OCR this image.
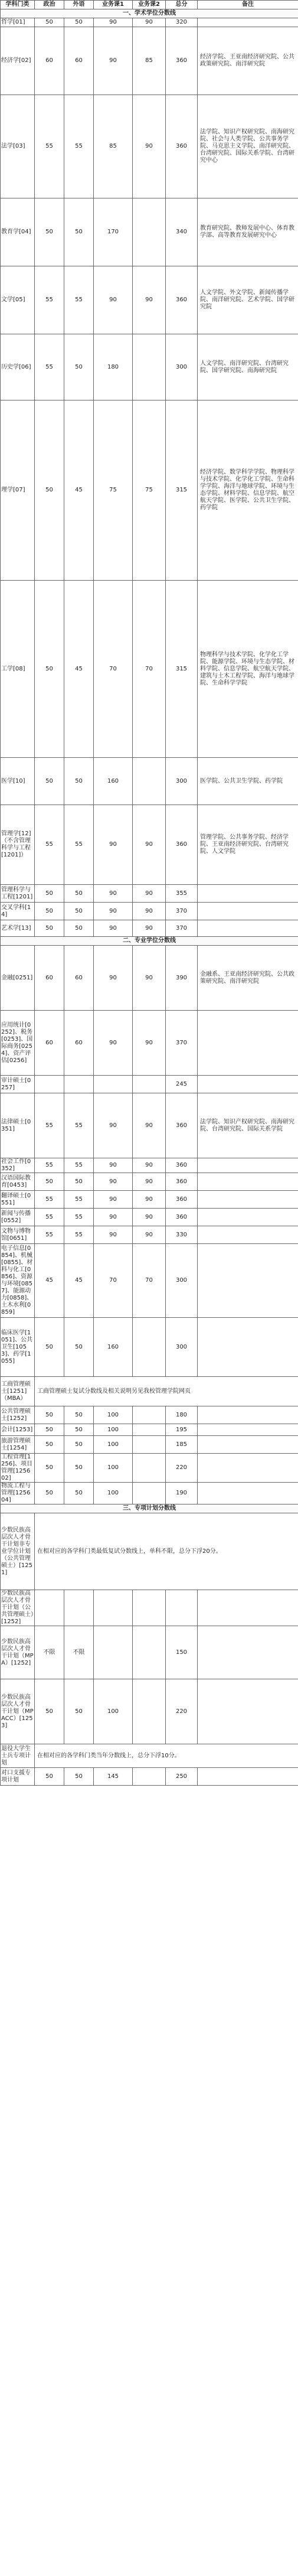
学科门类	政治	外语	业务课1	业务课2	总分	备注
一、学术学位分数线						
哲学[01]	50	50	90	90	320	
经济学[02]	60	60	90	85	360	经济学院、王亚南经济研究院、公共政策研究院、南洋研究院
法学[03]	55	55	85	90	360	法学院、知识产权研究院、南海研究院、社会与人类学院、公共事务学院、马克思主义学院、南洋研究院、台湾研究院、国际关系学院、台湾研究中心
教育学[04]	50	50	170		340	教育研究院、教师发展中心、体育教学部、高等教育发展研究中心
文学[05]	55	55	90	90	360	人文学院、外文学院、新闻传播学院、南洋研究院、艺术学院、国学研究院
历史学[06]	55	50	180		300	人文学院、南洋研究院、台湾研究院、国学研究院、南海研究院
理学[07]	50	45	75	75	315	经济学院、数学科学学院、物理科学与技术学院、化学化工学院、生命科学学院、海洋与地球学院、环境与生态学院、材料学院、信息学院、航空航天学院、医学院、公共卫生学院、药学院
工学[08]	50	45	70	70	315	物理科学与技术学院、化学化工学院、能源学院、环境与生态学院、材料学院、信息学院、航空航天学院、建筑与土木工程学院、海洋与地球学院、生命科学学院
医学[10]	50	50	160		300	医学院、公共卫生学院、药学院
管理学[12]（不含管理科学与工程[1201]）	55	55	90	90	360	管理学院、公共事务学院、经济学院、王亚南经济研究院、台湾研究院、人文学院
管理科学与工程[1201]	50	50	90	90	355	
交叉学科[14]	50	50	90	90	370	
艺术学[13]	50	50	90	90	370	
二、专业学位分数线						
金融[0251]	60	60	90	90	390	金融系、王亚南经济研究院、公共政策研究院、南洋研究院
应用统计[0252]、税务[0253]、国际商务[0254]、资产评估[0256]	60	60	90	90	370	
审计硕士[0257]					245	
法律硕士[0351]	55	55	90	90	360	法学院、知识产权研究院、南海研究院、台湾研究院、国际关系学院
社会工作[0352]	55	55	90	90	360	
汉语国际教育[0453]	50	50	90	90	360	
翻译硕士[0551]	55	55	90	90	360	
新闻与传播[0552]	55	55	90	90	360	
文物与博物馆[0651]	55	55	90	90	330	
电子信息[0854]、机械[0855]、材料与化工[0856]、资源与环境[0857]、能源动力[0858]、土木水利[0859]	45	45	70	70	300	
临床医学[1051]、公共卫生[1053]、药学[1055]	50	50	160		300	
工商管理硕士[1251]（MBA）	工商管理硕士复试分数线及相关说明另见我校管理学院网页					
公共管理硕士[1252]	50	50	100		180	
会计[1253]	50	50	100		195	
旅游管理硕士[1254]	50	50	100		185	
工程管理[1256]、项目管理[125602]	50	50	100		220	
物流工程与管理[125604]	50	50	100		190	
三、专项计划分数线						
少数民族高层次人才骨干计划非专业学位计划（公共管理硕士）[1251]	在相对应的各学科门类最低复试分数线上，单科不限，总分下浮20分。					
少数民族高层次人才骨干计划（公共管理硕士）[1252]						
少数民族高层次人才骨干计划（MPA）[1252]	不限	不限			150	
少数民族高层次人才骨干计划（MPACC）[1253]	50	50	100		220	
退役大学生士兵专项计划	在相对应的各学科门类当年分数线上，总分下浮10分。					
对口支援专项计划	50	50	145		250	
